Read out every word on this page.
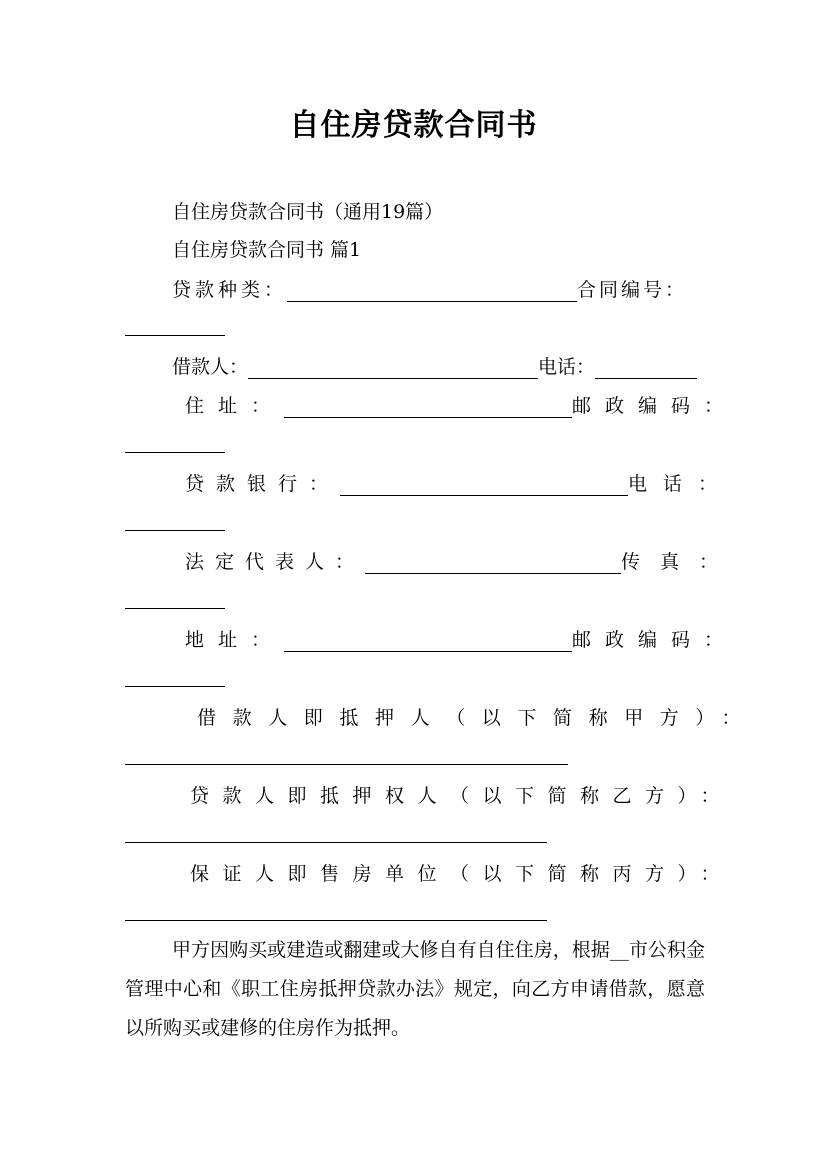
自住房贷款合同书
自住房贷款合同书（通用19篇）
自住房贷款合同书 篇1
贷款种类：	合同编号：
借款人：	电话：
住址：	邮政编码：
贷款银行：	电话：
法定代表人：	传真：
地址：	邮政编码：
借款人即抵押人（以下简称甲方）：
贷款人即抵押权人（以下简称乙方）：
保证人即售房单位（以下简称丙方）：
甲方因购买或建造或翻建或大修自有自住住房，根据__市公积金管理中心和《职工住房抵押贷款办法》规定，向乙方申请借款，愿意以所购买或建修的住房作为抵押。
